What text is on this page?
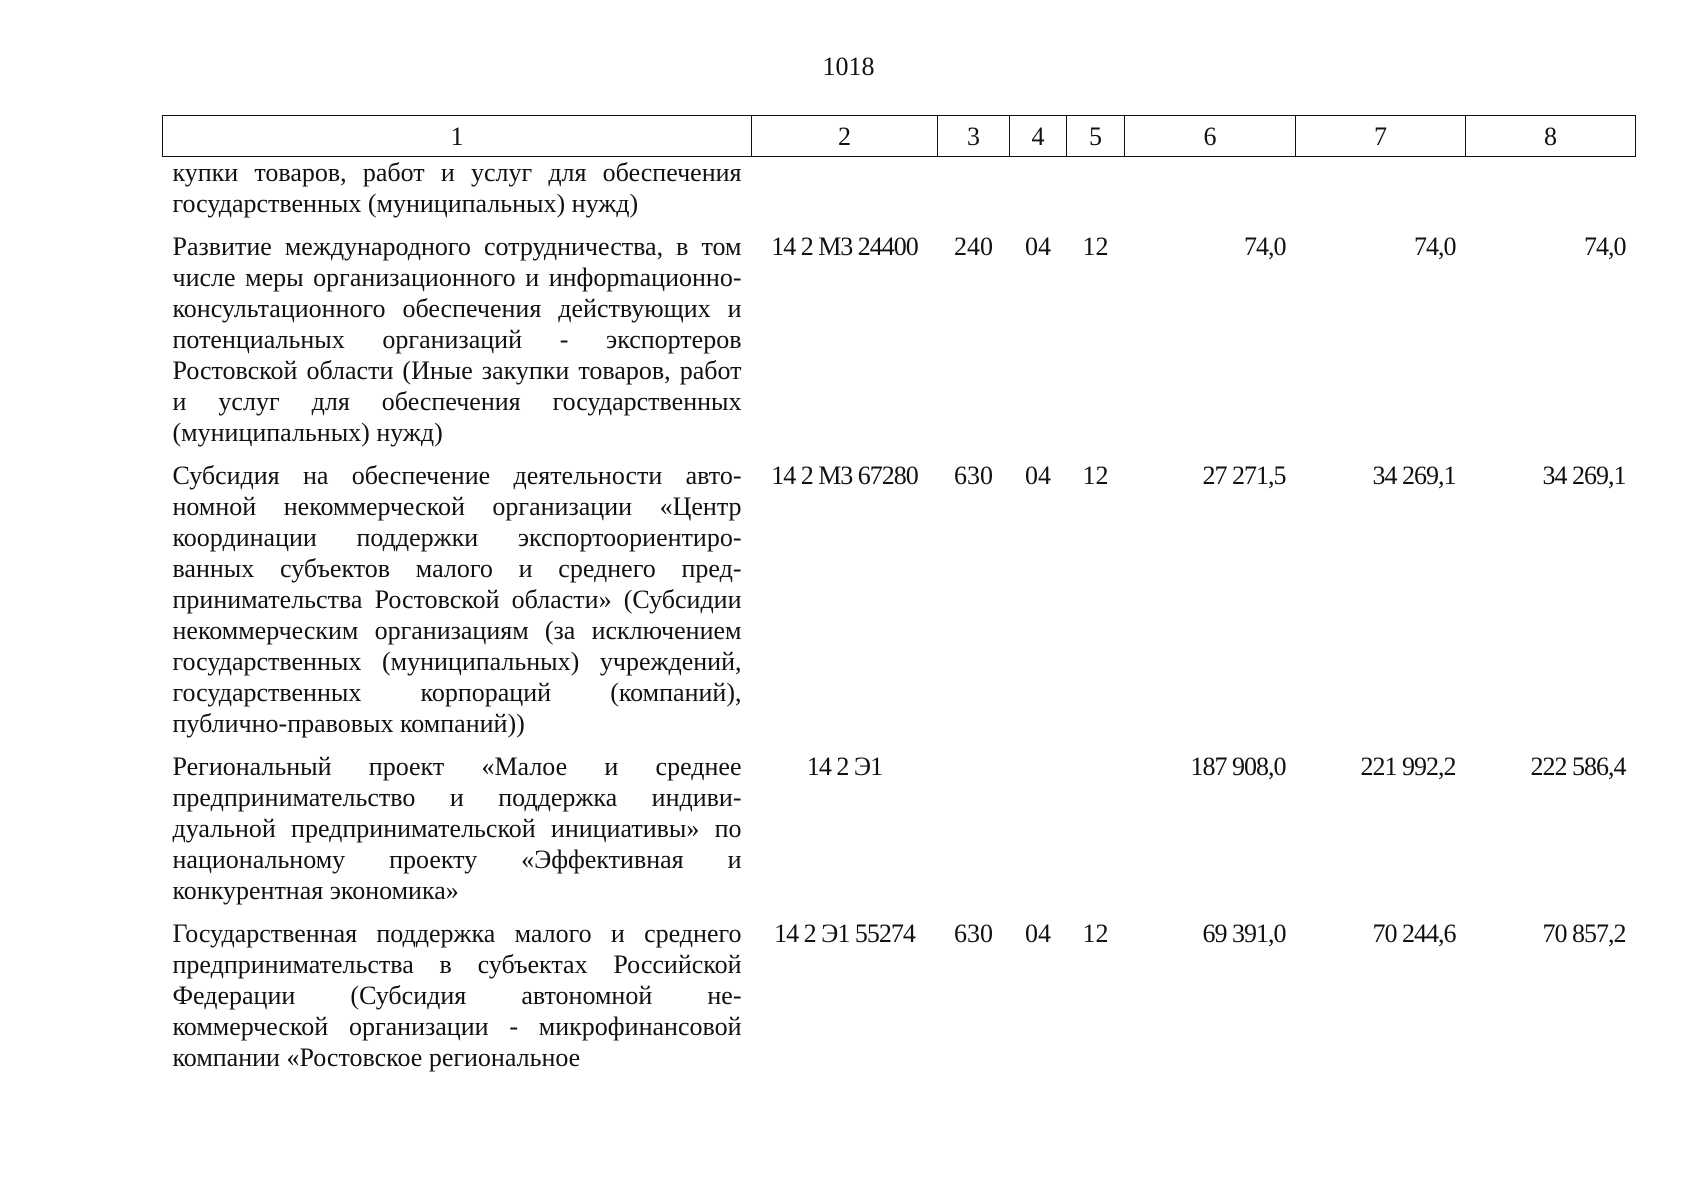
1018
1	2	3	4	5	6	7	8
купки товаров, работ и услуг для обеспечения государственных (муниципальных) нужд)							
Развитие международного сотрудничества, в том числе меры организационного и инфорmационно-консультационного обеспечения действующих и потенциальных организаций - экспортеров Ростовской области (Иные закупки товаров, работ и услуг для обеспечения государственных (муниципальных) нужд)	14 2 М3 24400	240	04	12	74,0	74,0	74,0
Субсидия на обеспечение деятельности автономной некоммерческой организации «Центр координации поддержки экспортоориентированных субъектов малого и среднего предпринимательства Ростовской области» (Субсидии некоммерческим организациям (за исключением государственных (муниципальных) учреждений, государственных корпораций (компаний), публично-правовых компаний))	14 2 М3 67280	630	04	12	27 271,5	34 269,1	34 269,1
Региональный проект «Малое и среднее предпринимательство и поддержка индивидуальной предпринимательской инициативы» по национальному проекту «Эффективная и конкурентная экономика»	14 2 Э1				187 908,0	221 992,2	222 586,4
Государственная поддержка малого и среднего предпринимательства в субъектах Российской Федерации (Субсидия автономной некоммерческой организации - микрофинансовой компании «Ростовское региональное	14 2 Э1 55274	630	04	12	69 391,0	70 244,6	70 857,2
